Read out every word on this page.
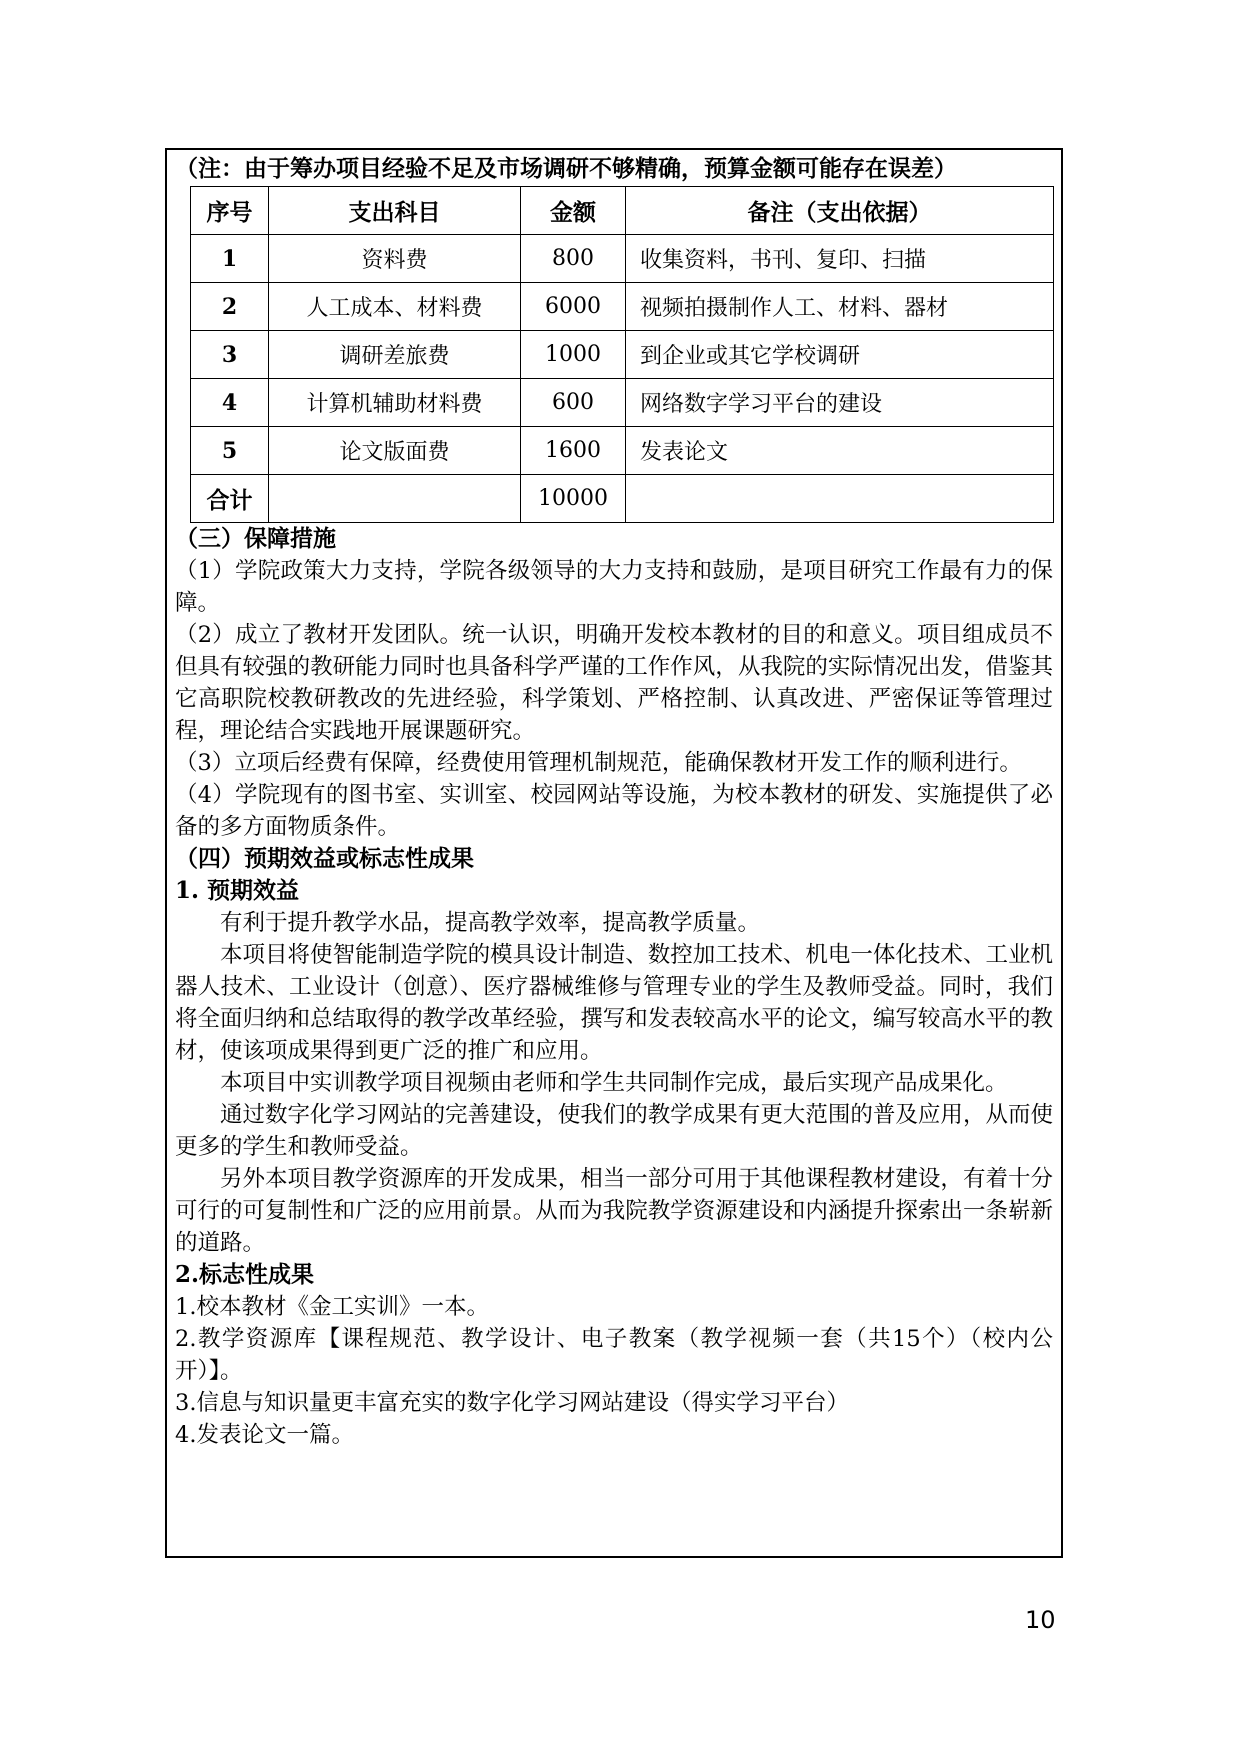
（注：由于筹办项目经验不足及市场调研不够精确，预算金额可能存在误差）
序号	支出科目	金额	备注（支出依据）
1	资料费	800	收集资料，书刊、复印、扫描
2	人工成本、材料费	6000	视频拍摄制作人工、材料、器材
3	调研差旅费	1000	到企业或其它学校调研
4	计算机辅助材料费	600	网络数字学习平台的建设
5	论文版面费	1600	发表论文
合计		10000	
（三）保障措施

（1）学院政策大力支持，学院各级领导的大力支持和鼓励，是项目研究工作最有力的保障。

（2）成立了教材开发团队。统一认识，明确开发校本教材的目的和意义。项目组成员不但具有较强的教研能力同时也具备科学严谨的工作作风，从我院的实际情况出发，借鉴其它高职院校教研教改的先进经验，科学策划、严格控制、认真改进、严密保证等管理过程，理论结合实践地开展课题研究。

（3）立项后经费有保障，经费使用管理机制规范，能确保教材开发工作的顺利进行。

（4）学院现有的图书室、实训室、校园网站等设施，为校本教材的研发、实施提供了必备的多方面物质条件。

（四）预期效益或标志性成果
1. 预期效益

有利于提升教学水品，提高教学效率，提高教学质量。

本项目将使智能制造学院的模具设计制造、数控加工技术、机电一体化技术、工业机器人技术、工业设计（创意）、医疗器械维修与管理专业的学生及教师受益。同时，我们将全面归纳和总结取得的教学改革经验，撰写和发表较高水平的论文，编写较高水平的教材，使该项成果得到更广泛的推广和应用。

本项目中实训教学项目视频由老师和学生共同制作完成，最后实现产品成果化。

通过数字化学习网站的完善建设，使我们的教学成果有更大范围的普及应用，从而使更多的学生和教师受益。

另外本项目教学资源库的开发成果，相当一部分可用于其他课程教材建设，有着十分可行的可复制性和广泛的应用前景。从而为我院教学资源建设和内涵提升探索出一条崭新的道路。

2.标志性成果

1.校本教材《金工实训》一本。

2.教学资源库【课程规范、教学设计、电子教案（教学视频一套（共15个）（校内公开）】。

3.信息与知识量更丰富充实的数字化学习网站建设（得实学习平台）

4.发表论文一篇。

10
